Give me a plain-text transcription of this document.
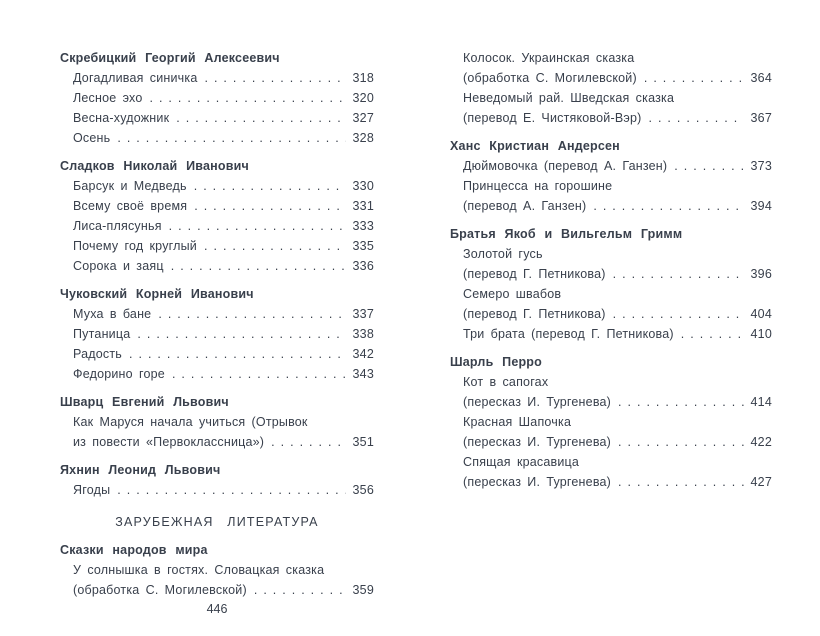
Скребицкий Георгий Алексеевич
Догадливая синичка .....	318
Лесное эхо .....	320
Весна-художник .....	327
Осень .....	328
Сладков Николай Иванович
Барсук и Медведь .....	330
Всему своё время .....	331
Лиса-плясунья .....	333
Почему год круглый .....	335
Сорока и заяц .....	336
Чуковский Корней Иванович
Муха в бане .....	337
Путаница .....	338
Радость .....	342
Федорино горе .....	343
Шварц Евгений Львович
Как Маруся начала учиться (Отрывок
из повести «Первоклассница») .....	351
Яхнин Леонид Львович
Ягоды .....	356
ЗАРУБЕЖНАЯ ЛИТЕРАТУРА
Сказки народов мира
У солнышка в гостях. Словацкая сказка
(обработка С. Могилевской) .....	359
Колосок. Украинская сказка
(обработка С. Могилевской) .....	364
Неведомый рай. Шведская сказка
(перевод Е. Чистяковой-Вэр) .....	367
Ханс Кристиан Андерсен
Дюймовочка (перевод А. Ганзен) .....	373
Принцесса на горошине
(перевод А. Ганзен) .....	394
Братья Якоб и Вильгельм Гримм
Золотой гусь
(перевод Г. Петникова) .....	396
Семеро швабов
(перевод Г. Петникова) .....	404
Три брата (перевод Г. Петникова) .....	410
Шарль Перро
Кот в сапогах
(пересказ И. Тургенева) .....	414
Красная Шапочка
(пересказ И. Тургенева) .....	422
Спящая красавица
(пересказ И. Тургенева) .....	427
446
